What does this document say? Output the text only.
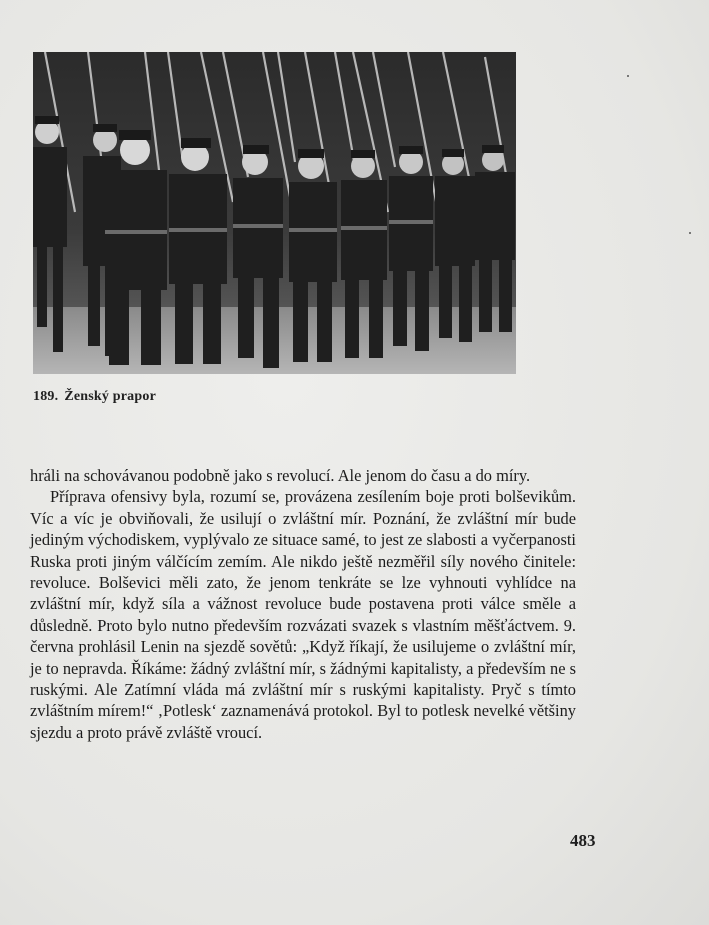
189. Ženský prapor

hráli na schovávanou podobně jako s revolucí. Ale jenom do času a do míry.

Příprava ofensivy byla, rozumí se, provázena zesílením boje proti bolševikům. Víc a víc je obviňovali, že usilují o zvláštní mír. Poznání, že zvláštní mír bude jediným východiskem, vyplývalo ze situace samé, to jest ze slabosti a vyčerpanosti Ruska proti jiným válčícím zemím. Ale nikdo ještě nezměřil síly nového činitele: revoluce. Bolševici měli zato, že jenom tenkráte se lze vyhnouti vyhlídce na zvláštní mír, když síla a vážnost revoluce bude postavena proti válce směle a důsledně. Proto bylo nutno především rozvázati svazek s vlastním měšťáctvem. 9. června prohlásil Lenin na sjezdě sovětů: „Když říkají, že usilujeme o zvláštní mír, je to nepravda. Říkáme: žádný zvláštní mír, s žádnými kapitalisty, a především ne s ruskými. Ale Zatímní vláda má zvláštní mír s ruskými kapitalisty. Pryč s tímto zvláštním mírem!“ ‚Potlesk‘ zaznamenává protokol. Byl to potlesk nevelké většiny sjezdu a proto právě zvláště vroucí.

483
